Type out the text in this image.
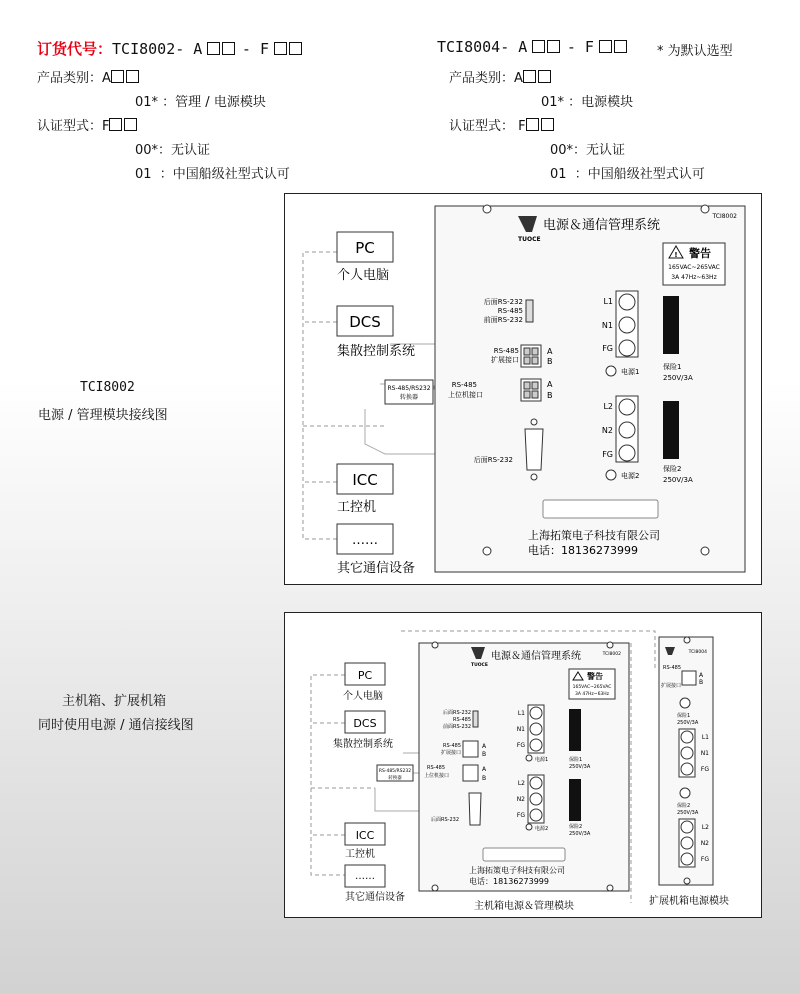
订货代号：TCI8002- A	- F	TCI8004- A	- F	* 为默认选型
产品类别：A
01* ：管理 / 电源模块
认证型式：F
00*：无认证
01  ：中国船级社型式认可
产品类别：A
01* ：电源模块
认证型式： F
00*：无认证
01  ：中国船级社型式认可
TCI8002
电源 / 管理模块接线图
PC
个人电脑
DCS
集散控制系统
ICC
工控机
……
其它通信设备
RS-485/RS232
转换器
TUOCE
电源＆通信管理系统
TCI8002
! 警告
165VAC~265VAC
3A 47Hz~63Hz
后面RS-232
RS-485
前面RS-232
RS-485
扩展接口
A
B
RS-485
上位机接口
A
B
后面RS-232
L1
N1
FG
电源1
保险1
250V/3A
L2
N2
FG
电源2
保险2
250V/3A
上海拓策电子科技有限公司
电话：18136273999
主机箱、扩展机箱
同时使用电源 / 通信接线图
PC
个人电脑
DCS
集散控制系统
ICC
工控机
……
其它通信设备
RS-485/RS232
转换器
TUOCE
电源＆通信管理系统	TCI8002
警告
165VAC~265VAC
3A 47Hz~63Hz
后面RS-232
RS-485
前面RS-232
RS-485
扩展接口
A
B
RS-485
上位机接口
A
B
后面RS-232
L1
N1
FG
电源1	保险1
250V/3A
L2
N2
FG
电源2	保险2
250V/3A
上海拓策电子科技有限公司
电话：18136273999
主机箱电源＆管理模块
TCI8004
RS-485
扩展接口
A
B
保险1
250V/3A
L1
N1
FG
保险2
250V/3A
L2
N2
FG
扩展机箱电源模块
